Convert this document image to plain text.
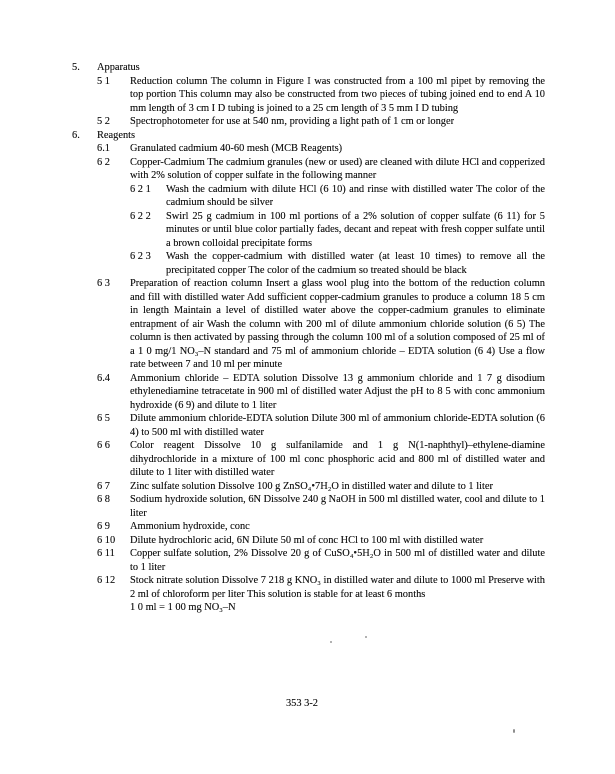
5.	Apparatus
5 1	Reduction column The column in Figure I was constructed from a 100 ml pipet by removing the top portion This column may also be constructed from two pieces of tubing joined end to end A 10 mm length of 3 cm I D tubing is joined to a 25 cm length of 3 5 mm I D tubing
5 2	Spectrophotometer for use at 540 nm, providing a light path of 1 cm or longer
6.	Reagents
6.1	Granulated cadmium 40-60 mesh (MCB Reagents)
6 2	Copper-Cadmium The cadmium granules (new or used) are cleaned with dilute HCl and copperized with 2% solution of copper sulfate in the following manner
6 2 1	Wash the cadmium with dilute HCl (6 10) and rinse with distilled water The color of the cadmium should be silver
6 2 2	Swirl 25 g cadmium in 100 ml portions of a 2% solution of copper sulfate (6 11) for 5 minutes or until blue color partially fades, decant and repeat with fresh copper sulfate until a brown colloidal precipitate forms
6 2 3	Wash the copper-cadmium with distilled water (at least 10 times) to remove all the precipitated copper The color of the cadmium so treated should be black
6 3	Preparation of reaction column Insert a glass wool plug into the bottom of the reduction column and fill with distilled water Add sufficient copper-cadmium granules to produce a column 18 5 cm in length Maintain a level of distilled water above the copper-cadmium granules to eliminate entrapment of air Wash the column with 200 ml of dilute ammonium chloride solution (6 5) The column is then activated by passing through the column 100 ml of a solution composed of 25 ml of a 1 0 mg/1 NO₃–N standard and 75 ml of ammonium chloride – EDTA solution (6 4) Use a flow rate between 7 and 10 ml per minute
6.4	Ammonium chloride – EDTA solution Dissolve 13 g ammonium chloride and 1 7 g disodium ethylenediamine tetracetate in 900 ml of distilled water Adjust the pH to 8 5 with conc ammonium hydroxide (6 9) and dilute to 1 liter
6 5	Dilute ammonium chloride-EDTA solution Dilute 300 ml of ammonium chloride-EDTA solution (6 4) to 500 ml with distilled water
6 6	Color reagent Dissolve 10 g sulfanilamide and 1 g N(1-naphthyl)–ethylene-diamine dihydrochloride in a mixture of 100 ml conc phosphoric acid and 800 ml of distilled water and dilute to 1 liter with distilled water
6 7	Zinc sulfate solution Dissolve 100 g ZnSO₄•7H₂O in distilled water and dilute to 1 liter
6 8	Sodium hydroxide solution, 6N Dissolve 240 g NaOH in 500 ml distilled water, cool and dilute to 1 liter
6 9	Ammonium hydroxide, conc
6 10	Dilute hydrochloric acid, 6N Dilute 50 ml of conc HCl to 100 ml with distilled water
6 11	Copper sulfate solution, 2% Dissolve 20 g of CuSO₄•5H₂O in 500 ml of distilled water and dilute to 1 liter
6 12	Stock nitrate solution Dissolve 7 218 g KNO₃ in distilled water and dilute to 1000 ml Preserve with 2 ml of chloroform per liter This solution is stable for at least 6 months
1 0 ml = 1 00 mg NO₃–N
353 3-2
